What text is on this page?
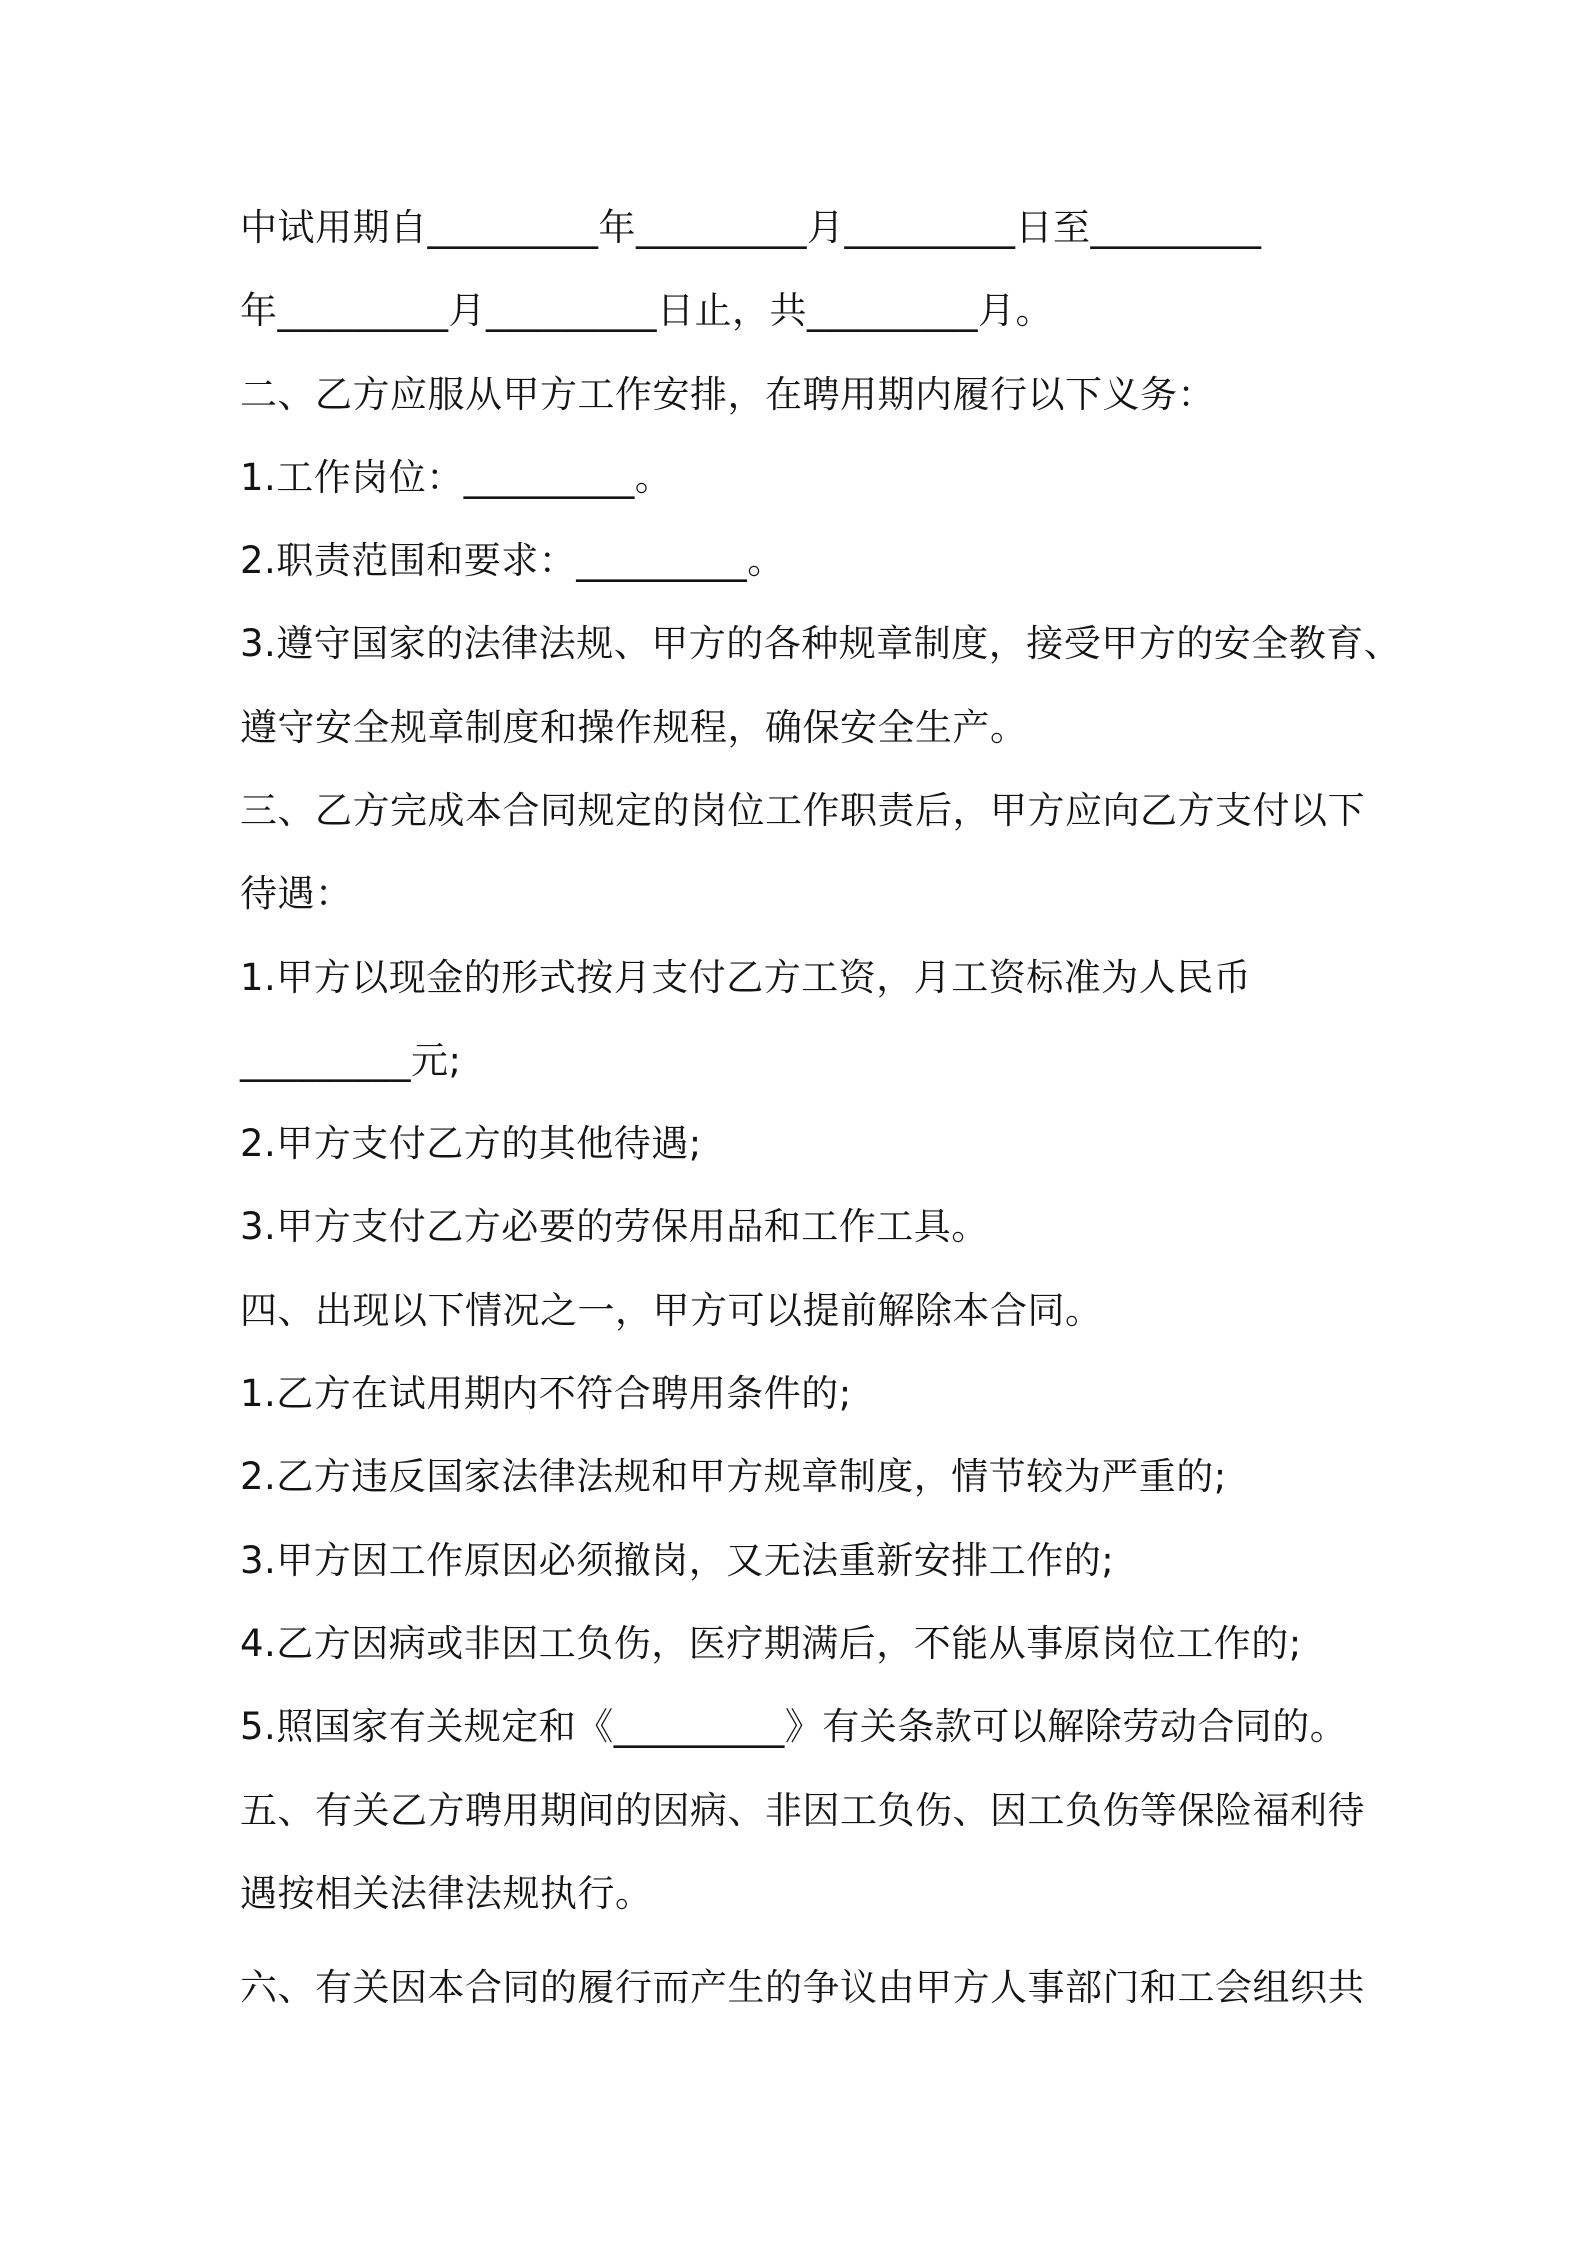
中试用期自_________年_________月_________日至_________
年_________月_________日止，共_________月。
二、乙方应服从甲方工作安排，在聘用期内履行以下义务：
1.工作岗位：_________。
2.职责范围和要求：_________。
3.遵守国家的法律法规、甲方的各种规章制度，接受甲方的安全教育、
遵守安全规章制度和操作规程，确保安全生产。
三、乙方完成本合同规定的岗位工作职责后，甲方应向乙方支付以下
待遇：
1.甲方以现金的形式按月支付乙方工资，月工资标准为人民币
_________元;
2.甲方支付乙方的其他待遇;
3.甲方支付乙方必要的劳保用品和工作工具。
四、出现以下情况之一，甲方可以提前解除本合同。
1.乙方在试用期内不符合聘用条件的;
2.乙方违反国家法律法规和甲方规章制度，情节较为严重的;
3.甲方因工作原因必须撤岗，又无法重新安排工作的;
4.乙方因病或非因工负伤，医疗期满后，不能从事原岗位工作的;
5.照国家有关规定和《_________》有关条款可以解除劳动合同的。
五、有关乙方聘用期间的因病、非因工负伤、因工负伤等保险福利待
遇按相关法律法规执行。
六、有关因本合同的履行而产生的争议由甲方人事部门和工会组织共
